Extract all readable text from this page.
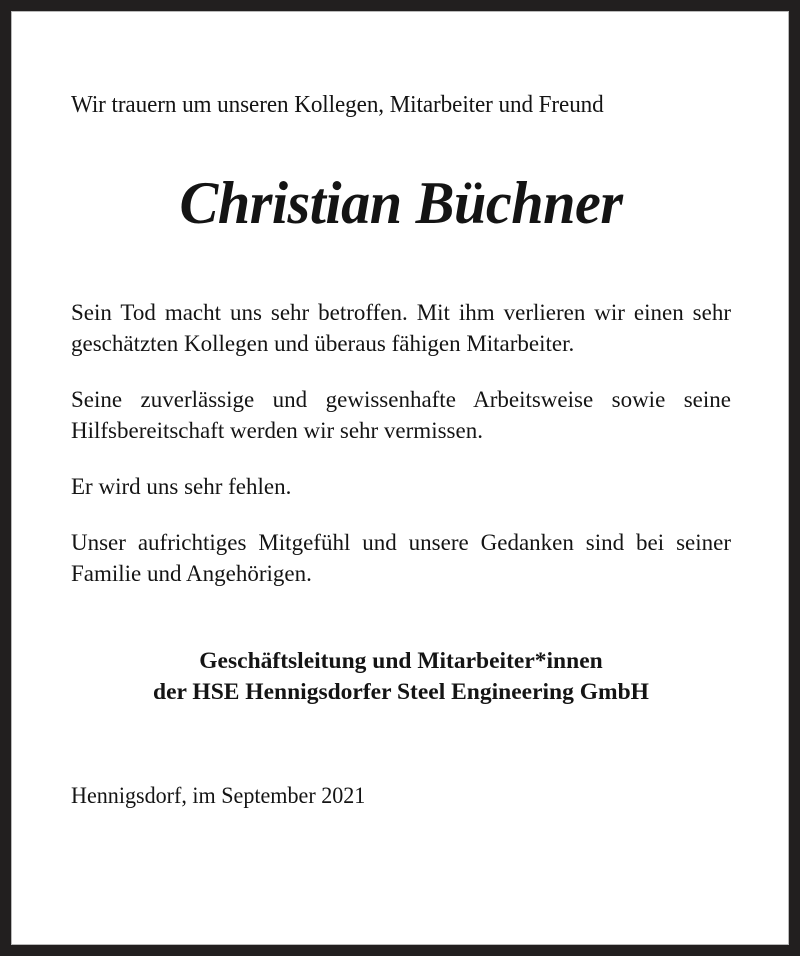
Wir trauern um unseren Kollegen, Mitarbeiter und Freund

Christian Büchner

Sein Tod macht uns sehr betroffen. Mit ihm verlieren wir einen sehr geschätzten Kollegen und überaus fähigen Mitarbeiter.

Seine zuverlässige und gewissenhafte Arbeitsweise sowie seine Hilfsbereitschaft werden wir sehr vermissen.

Er wird uns sehr fehlen.

Unser aufrichtiges Mitgefühl und unsere Gedanken sind bei seiner Familie und Angehörigen.

Geschäftsleitung und Mitarbeiter*innen
der HSE Hennigsdorfer Steel Engineering GmbH

Hennigsdorf, im September 2021
